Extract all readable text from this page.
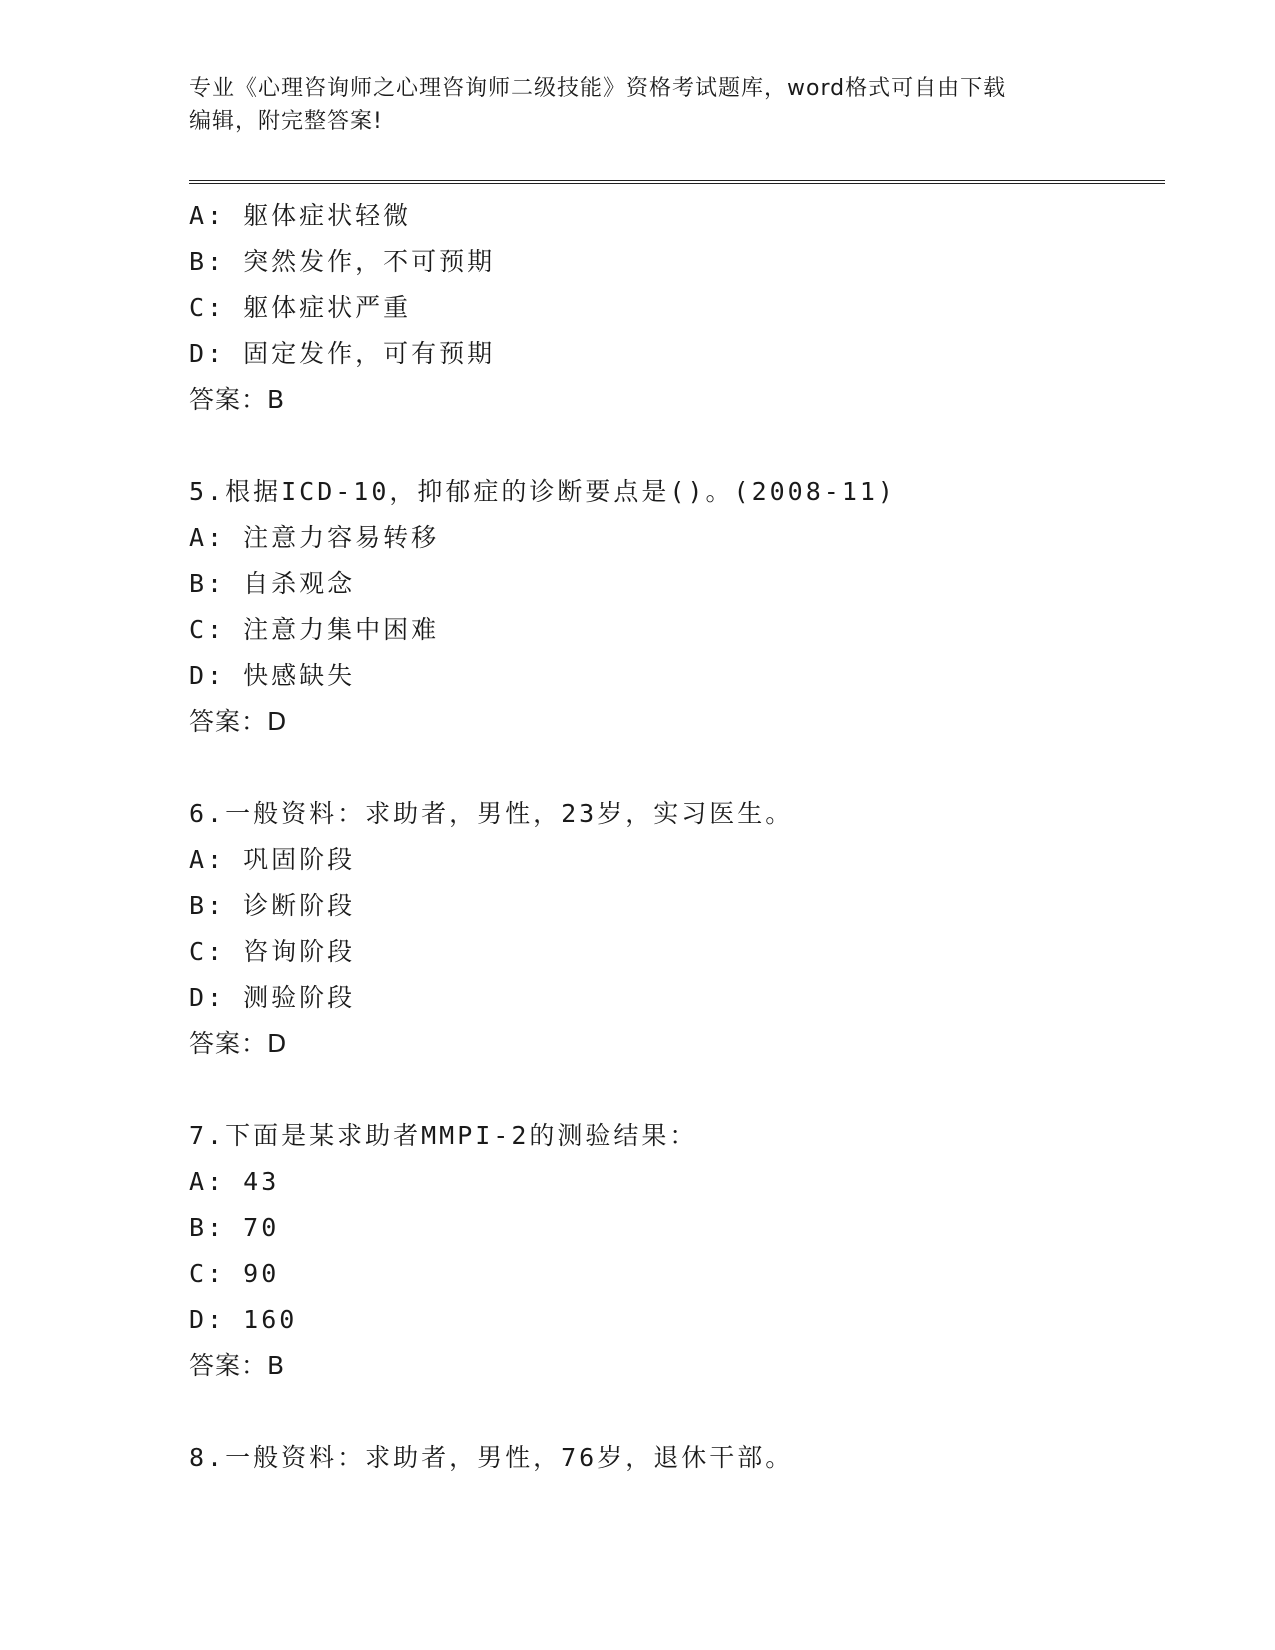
专业《心理咨询师之心理咨询师二级技能》资格考试题库，word格式可自由下载
编辑，附完整答案!
A: 躯体症状轻微
B: 突然发作，不可预期
C: 躯体症状严重
D: 固定发作，可有预期
答案：B
5.根据ICD-10，抑郁症的诊断要点是()。(2008-11)
A: 注意力容易转移
B: 自杀观念
C: 注意力集中困难
D: 快感缺失
答案：D
6.一般资料：求助者，男性，23岁，实习医生。
A: 巩固阶段
B: 诊断阶段
C: 咨询阶段
D: 测验阶段
答案：D
7.下面是某求助者MMPI-2的测验结果：
A: 43
B: 70
C: 90
D: 160
答案：B
8.一般资料：求助者，男性，76岁，退休干部。
